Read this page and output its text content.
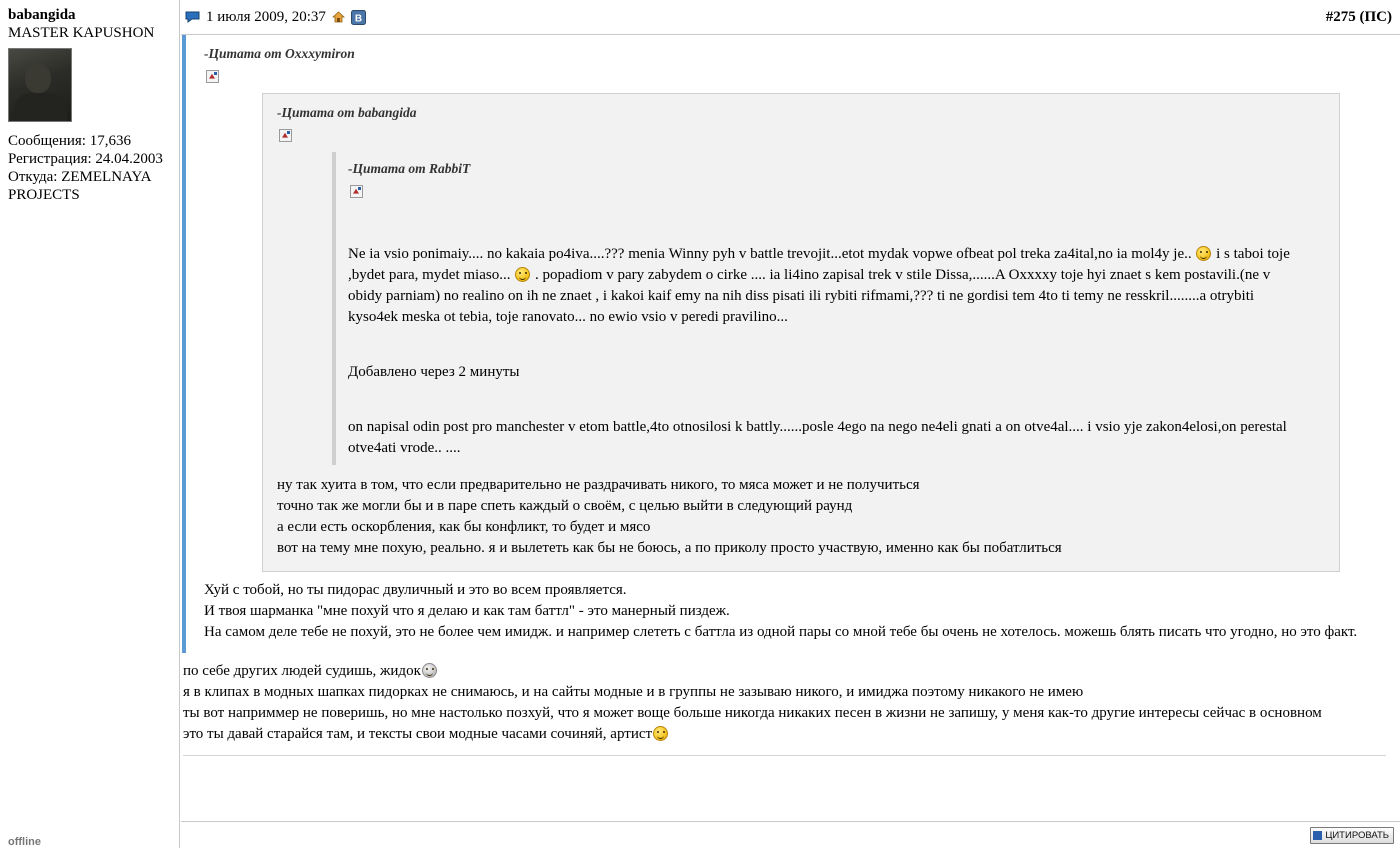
babangida
MASTER KAPUSHON
Сообщения: 17,636
Регистрация: 24.04.2003
Откуда: ZEMELNAYA PROJECTS
offline
1 июля 2009, 20:37	B	#275 (ПС)
-Цитата от Oxxxymiron
-Цитата от babangida
-Цитата от RabbiT

Ne ia vsio ponimaiy.... no kakaia po4iva....??? meniа Winny pyh v battle trevojit...etot mydak vopwe ofbeat pol treka za4ital,no ia mol4y je.. i s taboi toje ,bydet para, mydet miaso... . popadiom v pary zabydem o cirke .... ia li4ino zapisal trek v stile Dissa,......A Oxxxxy toje hyi znaet s kem postavili.(ne v obidy parniam) no realino on ih ne znaet , i kakoi kaif emy na nih diss pisati ili rybiti rifmami,??? ti ne gordisi tem 4to ti temy ne resskril........a otrybiti kyso4ek meska ot tebia, toje ranovato... no ewio vsio v peredi pravilino...

Добавлено через 2 минуты

on napisal odin post pro manchester v etom battle,4to otnosilosi k battly......posle 4ego na nego ne4eli gnati a on otve4al.... i vsio yje zakon4elosi,on perestal otve4ati vrode.. ....

ну так хуита в том, что если предварительно не раздрачивать никого, то мяса может и не получиться

точно так же могли бы и в паре спеть каждый о своём, с целью выйти в следующий раунд

а если есть оскорбления, как бы конфликт, то будет и мясо

вот на тему мне похую, реально. я и вылететь как бы не боюсь, а по приколу просто участвую, именно как бы побатлиться

Хуй с тобой, но ты пидорас двуличный и это во всем проявляется.

И твоя шарманка "мне похуй что я делаю и как там баттл" - это манерный пиздеж.

На самом деле тебе не похуй, это не более чем имидж. и например слететь с баттла из одной пары со мной тебе бы очень не хотелось. можешь блять писать что угодно, но это факт.

по себе других людей судишь, жидок

я в клипах в модных шапках пидорках не снимаюсь, и на сайты модные и в группы не зазываю никого, и имиджа поэтому никакого не имею

ты вот наприммер не поверишь, но мне настолько позхуй, что я может воще больше никогда никаких песен в жизни не запишу, у меня как-то другие интересы сейчас в основном

это ты давай старайся там, и тексты свои модные часами сочиняй, артист

ЦИТИРОВАТЬ
